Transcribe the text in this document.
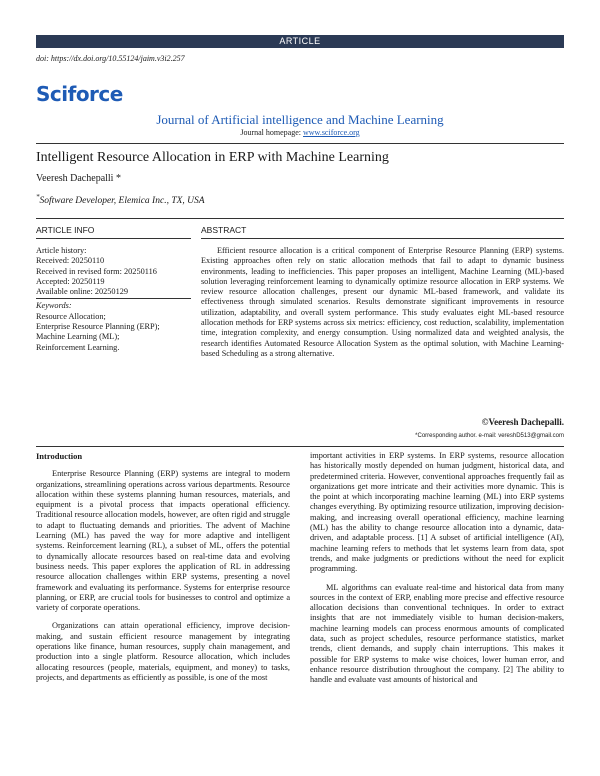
ARTICLE
doi: https://dx.doi.org/10.55124/jaim.v3i2.257
Sciforce
Journal of Artificial intelligence and Machine Learning
Journal homepage: www.sciforce.org
Intelligent Resource Allocation in ERP with Machine Learning
Veeresh Dachepalli *
*Software Developer, Elemica Inc., TX, USA
ARTICLE INFO	ABSTRACT
Article history:
Received: 20250110
Received in revised form: 20250116
Accepted: 20250119
Available online: 20250129
Keywords:
Resource Allocation;
Enterprise Resource Planning (ERP);
Machine Learning (ML);
Reinforcement Learning.
Efficient resource allocation is a critical component of Enterprise Resource Planning (ERP) systems. Existing approaches often rely on static allocation methods that fail to adapt to dynamic business environments, leading to inefficiencies. This paper proposes an intelligent, Machine Learning (ML)-based solution leveraging reinforcement learning to dynamically optimize resource allocation in ERP systems. We review resource allocation challenges, present our dynamic ML-based framework, and validate its effectiveness through simulated scenarios. Results demonstrate significant improvements in resource utilization, adaptability, and overall system performance. This study evaluates eight ML-based resource allocation methods for ERP systems across six metrics: efficiency, cost reduction, scalability, implementation time, integration complexity, and energy consumption. Using normalized data and weighted analysis, the research identifies Automated Resource Allocation System as the optimal solution, with Machine Learning-based Scheduling as a strong alternative.
©Veeresh Dachepalli.
*Corresponding author. e-mail: vereshD513@gmail.com
Introduction

Enterprise Resource Planning (ERP) systems are integral to modern organizations, streamlining operations across various departments. Resource allocation within these systems planning human resources, materials, and equipment is a pivotal process that impacts operational efficiency. Traditional resource allocation models, however, are often rigid and struggle to adapt to fluctuating demands and priorities. The advent of Machine Learning (ML) has paved the way for more adaptive and intelligent systems. Reinforcement learning (RL), a subset of ML, offers the potential to dynamically allocate resources based on real-time data and evolving business needs. This paper explores the application of RL in addressing resource allocation challenges within ERP systems, presenting a novel framework and evaluating its performance. Systems for enterprise resource planning, or ERP, are crucial tools for businesses to control and optimize a variety of corporate operations.

Organizations can attain operational efficiency, improve decision-making, and sustain efficient resource management by integrating operations like finance, human resources, supply chain management, and production into a single platform. Resource allocation, which includes allocating resources (people, materials, equipment, and money) to tasks, projects, and departments as efficiently as possible, is one of the most

important activities in ERP systems. In ERP systems, resource allocation has historically mostly depended on human judgment, historical data, and predetermined criteria. However, conventional approaches frequently fail as organizations get more intricate and their activities more dynamic. This is the point at which incorporating machine learning (ML) into ERP systems changes everything. By optimizing resource utilization, improving decision-making, and increasing overall operational efficiency, machine learning (ML) has the ability to change resource allocation into a dynamic, data-driven, and adaptable process. [1] A subset of artificial intelligence (AI), machine learning refers to methods that let systems learn from data, spot trends, and make judgments or predictions without the need for explicit programming.

ML algorithms can evaluate real-time and historical data from many sources in the context of ERP, enabling more precise and effective resource allocation decisions than conventional techniques. In order to extract insights that are not immediately visible to human decision-makers, machine learning models can process enormous amounts of complicated data, such as project schedules, resource performance statistics, market trends, client demands, and supply chain interruptions. This makes it possible for ERP systems to make wise choices, lower human error, and enhance resource distribution throughout the company. [2] The ability to handle and evaluate vast amounts of historical and
